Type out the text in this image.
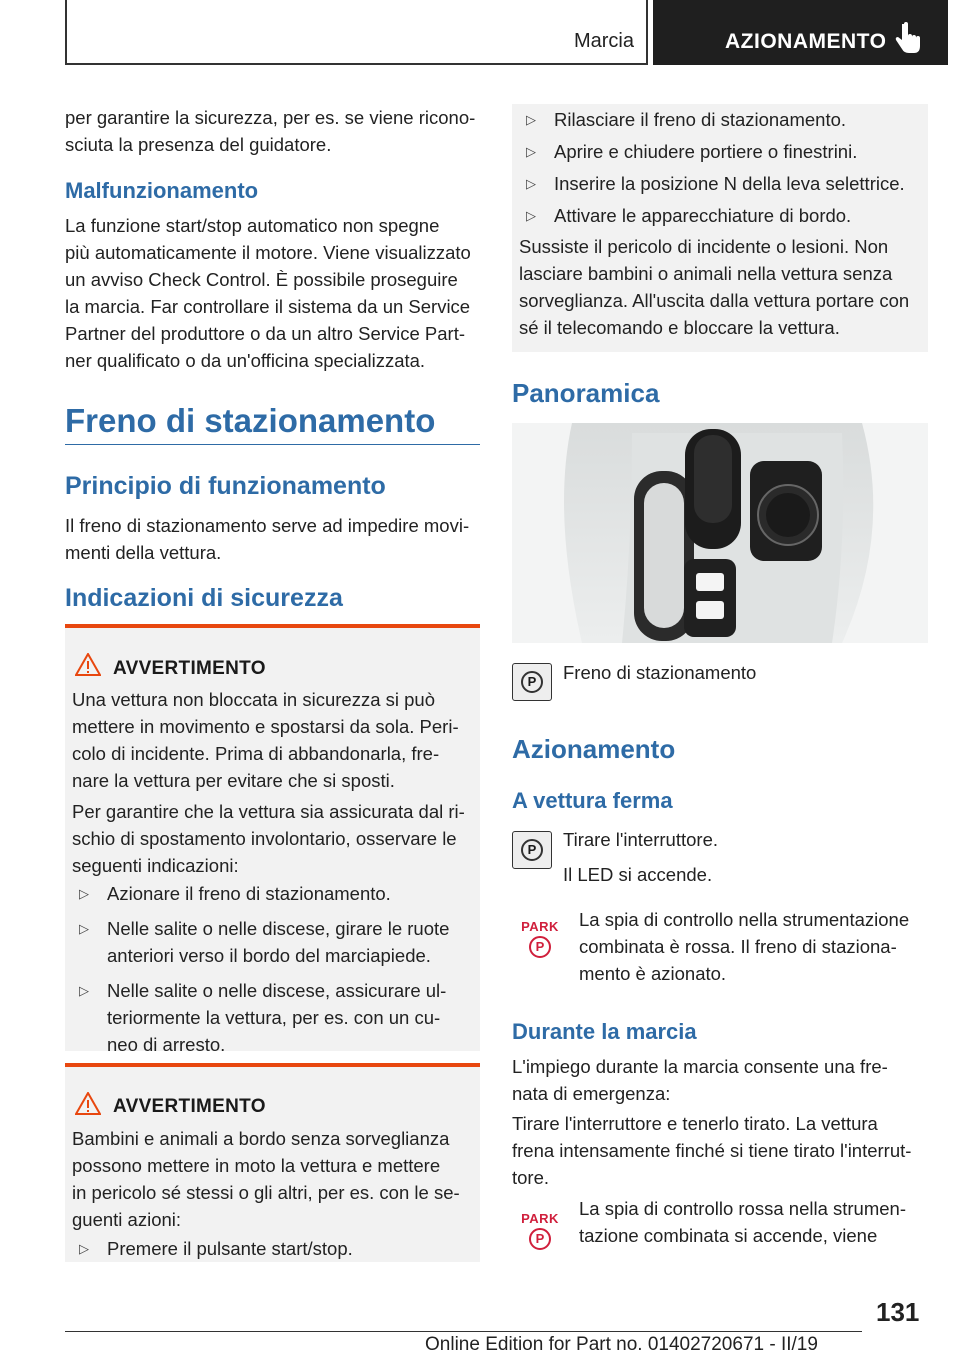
Marcia	AZIONAMENTO
per garantire la sicurezza, per es. se viene ricono-
sciuta la presenza del guidatore.
Malfunzionamento
La funzione start/stop automatico non spegne
più automaticamente il motore. Viene visualizzato
un avviso Check Control. È possibile proseguire
la marcia. Far controllare il sistema da un Service
Partner del produttore o da un altro Service Part-
ner qualificato o da un'officina specializzata.
Freno di stazionamento
Principio di funzionamento
Il freno di stazionamento serve ad impedire movi-
menti della vettura.
Indicazioni di sicurezza
AVVERTIMENTO
Una vettura non bloccata in sicurezza si può
mettere in movimento e spostarsi da sola. Peri-
colo di incidente. Prima di abbandonarla, fre-
nare la vettura per evitare che si sposti.
Per garantire che la vettura sia assicurata dal ri-
schio di spostamento involontario, osservare le
seguenti indicazioni:
▷ Azionare il freno di stazionamento.
▷ Nelle salite o nelle discese, girare le ruote
anteriori verso il bordo del marciapiede.
▷ Nelle salite o nelle discese, assicurare ul-
teriormente la vettura, per es. con un cu-
neo di arresto.
AVVERTIMENTO
Bambini e animali a bordo senza sorveglianza
possono mettere in moto la vettura e mettere
in pericolo sé stessi o gli altri, per es. con le se-
guenti azioni:
▷ Premere il pulsante start/stop.
▷ Rilasciare il freno di stazionamento.
▷ Aprire e chiudere portiere o finestrini.
▷ Inserire la posizione N della leva selettrice.
▷ Attivare le apparecchiature di bordo.
Sussiste il pericolo di incidente o lesioni. Non
lasciare bambini o animali nella vettura senza
sorveglianza. All'uscita dalla vettura portare con
sé il telecomando e bloccare la vettura.
Panoramica
P	Freno di stazionamento
Azionamento
A vettura ferma
P	Tirare l'interruttore.
Il LED si accende.
PARK
P
La spia di controllo nella strumentazione
combinata è rossa. Il freno di staziona-
mento è azionato.
Durante la marcia
L'impiego durante la marcia consente una fre-
nata di emergenza:
Tirare l'interruttore e tenerlo tirato. La vettura
frena intensamente finché si tiene tirato l'interrut-
tore.
PARK
P
La spia di controllo rossa nella strumen-
tazione combinata si accende, viene
131
Online Edition for Part no. 01402720671 - II/19
